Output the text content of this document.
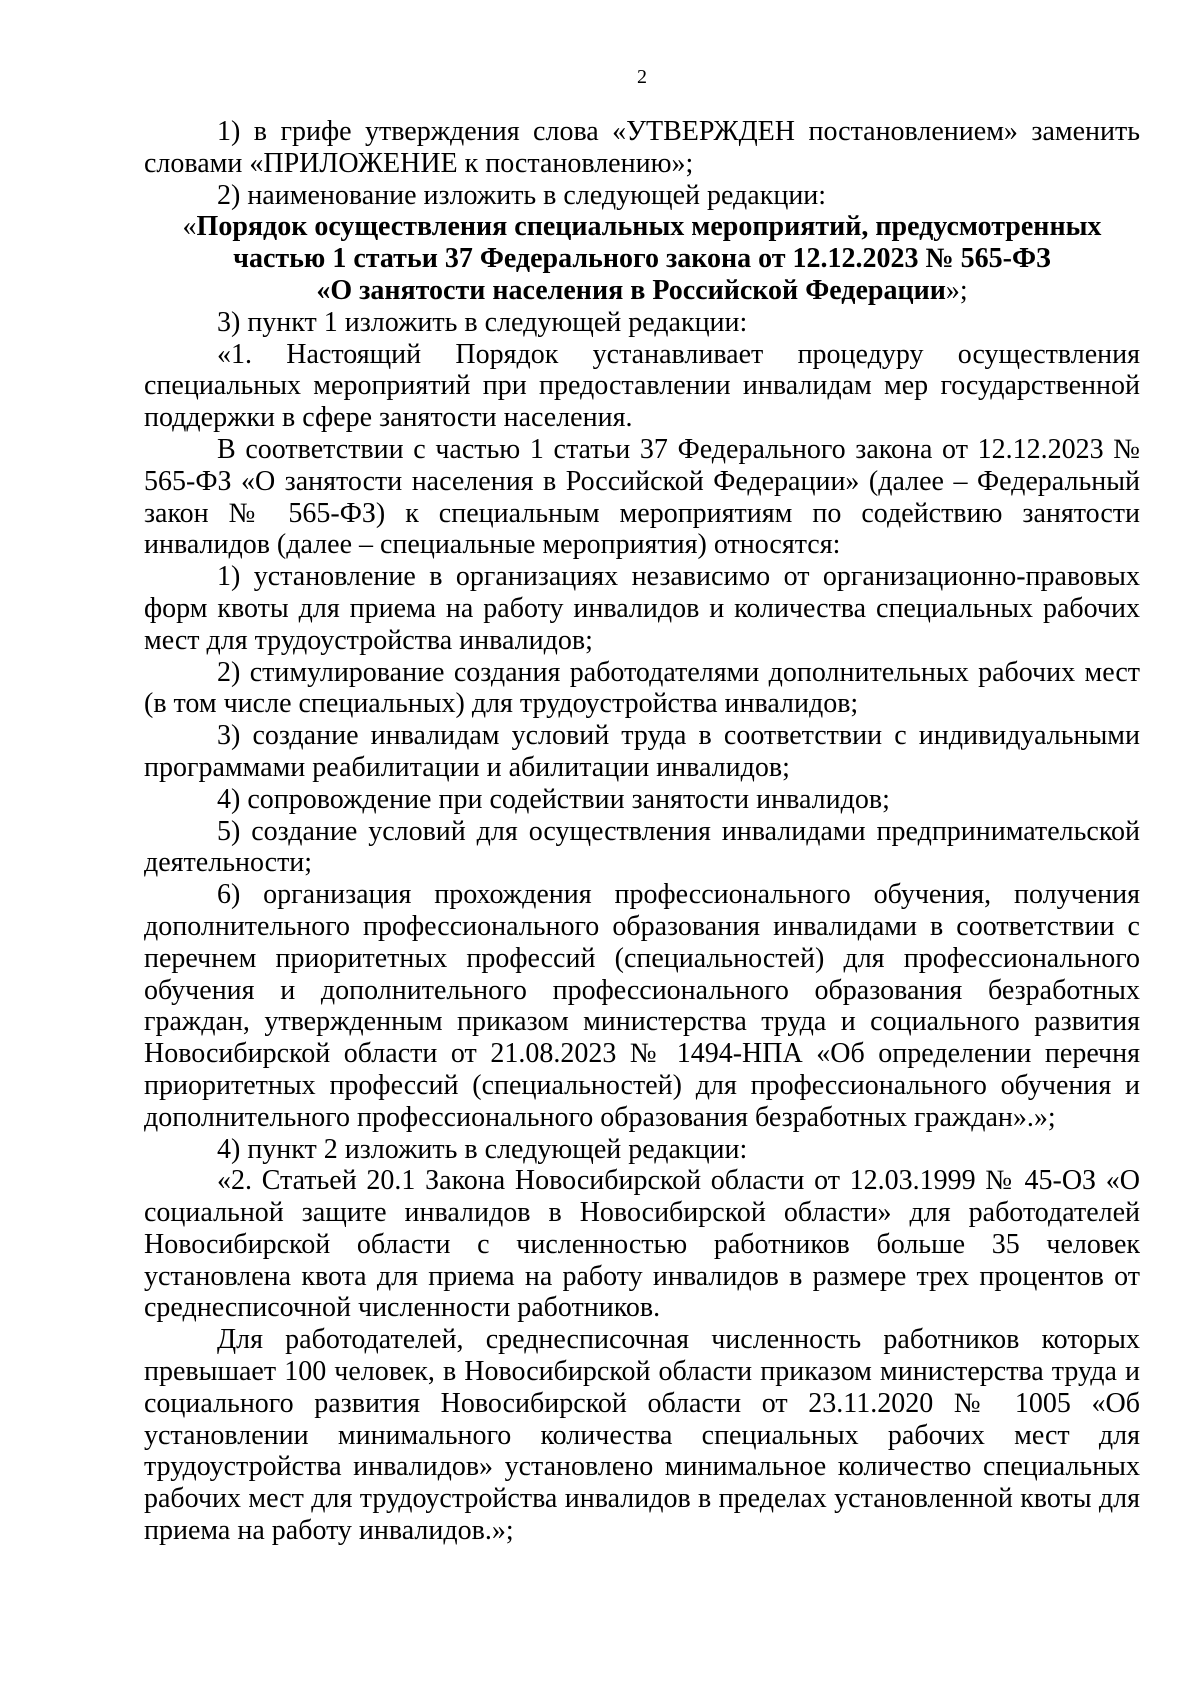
2

1) в грифе утверждения слова «УТВЕРЖДЕН постановлением» заменить словами «ПРИЛОЖЕНИЕ к постановлению»;

2) наименование изложить в следующей редакции:

«Порядок осуществления специальных мероприятий, предусмотренных
частью 1 статьи 37 Федерального закона от 12.12.2023 № 565-ФЗ
«О занятости населения в Российской Федерации»;

3) пункт 1 изложить в следующей редакции:

«1. Настоящий Порядок устанавливает процедуру осуществления специальных мероприятий при предоставлении инвалидам мер государственной поддержки в сфере занятости населения.

В соответствии с частью 1 статьи 37 Федерального закона от 12.12.2023 № 565-ФЗ «О занятости населения в Российской Федерации» (далее – Федеральный закон № 565-ФЗ) к специальным мероприятиям по содействию занятости инвалидов (далее – специальные мероприятия) относятся:

1) установление в организациях независимо от организационно-правовых форм квоты для приема на работу инвалидов и количества специальных рабочих мест для трудоустройства инвалидов;

2) стимулирование создания работодателями дополнительных рабочих мест (в том числе специальных) для трудоустройства инвалидов;

3) создание инвалидам условий труда в соответствии с индивидуальными программами реабилитации и абилитации инвалидов;

4) сопровождение при содействии занятости инвалидов;

5) создание условий для осуществления инвалидами предпринимательской деятельности;

6) организация прохождения профессионального обучения, получения дополнительного профессионального образования инвалидами в соответствии с перечнем приоритетных профессий (специальностей) для профессионального обучения и дополнительного профессионального образования безработных граждан, утвержденным приказом министерства труда и социального развития Новосибирской области от 21.08.2023 № 1494-НПА «Об определении перечня приоритетных профессий (специальностей) для профессионального обучения и дополнительного профессионального образования безработных граждан».»;

4) пункт 2 изложить в следующей редакции:

«2. Статьей 20.1 Закона Новосибирской области от 12.03.1999 № 45-ОЗ «О социальной защите инвалидов в Новосибирской области» для работодателей Новосибирской области с численностью работников больше 35 человек установлена квота для приема на работу инвалидов в размере трех процентов от среднесписочной численности работников.

Для работодателей, среднесписочная численность работников которых превышает 100 человек, в Новосибирской области приказом министерства труда и социального развития Новосибирской области от 23.11.2020 № 1005 «Об установлении минимального количества специальных рабочих мест для трудоустройства инвалидов» установлено минимальное количество специальных рабочих мест для трудоустройства инвалидов в пределах установленной квоты для приема на работу инвалидов.»;
